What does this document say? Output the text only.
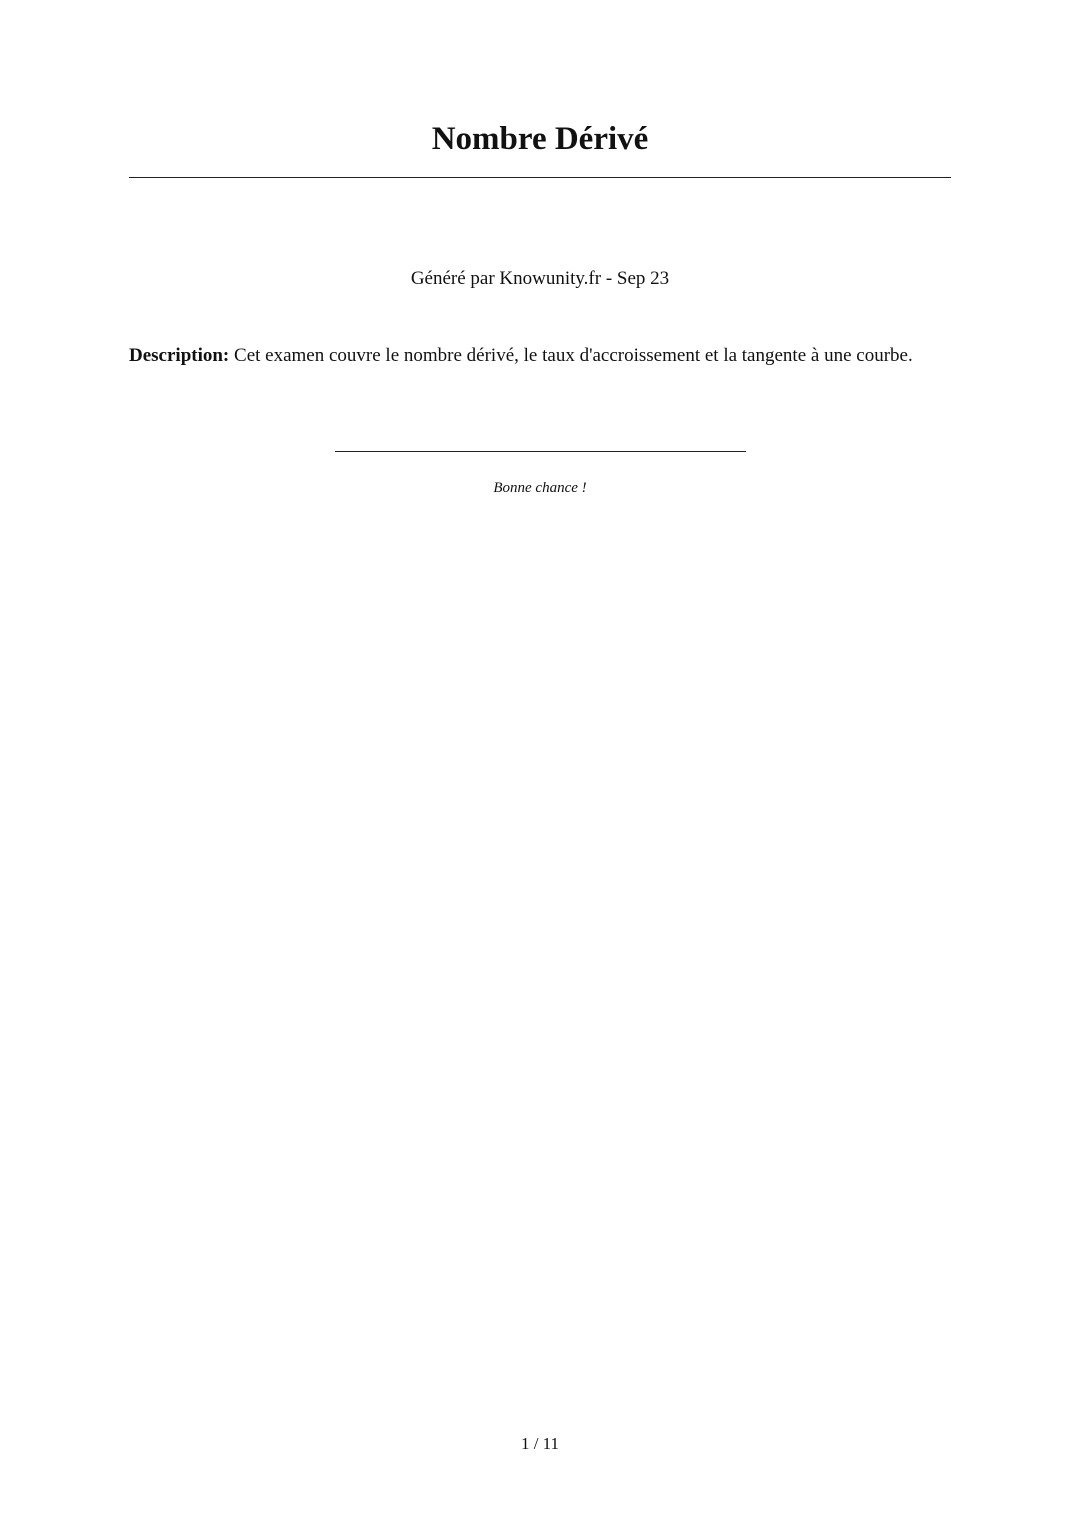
Nombre Dérivé
Généré par Knowunity.fr - Sep 23
Description: Cet examen couvre le nombre dérivé, le taux d'accroissement et la tangente à une courbe.
Bonne chance !
1 / 11
